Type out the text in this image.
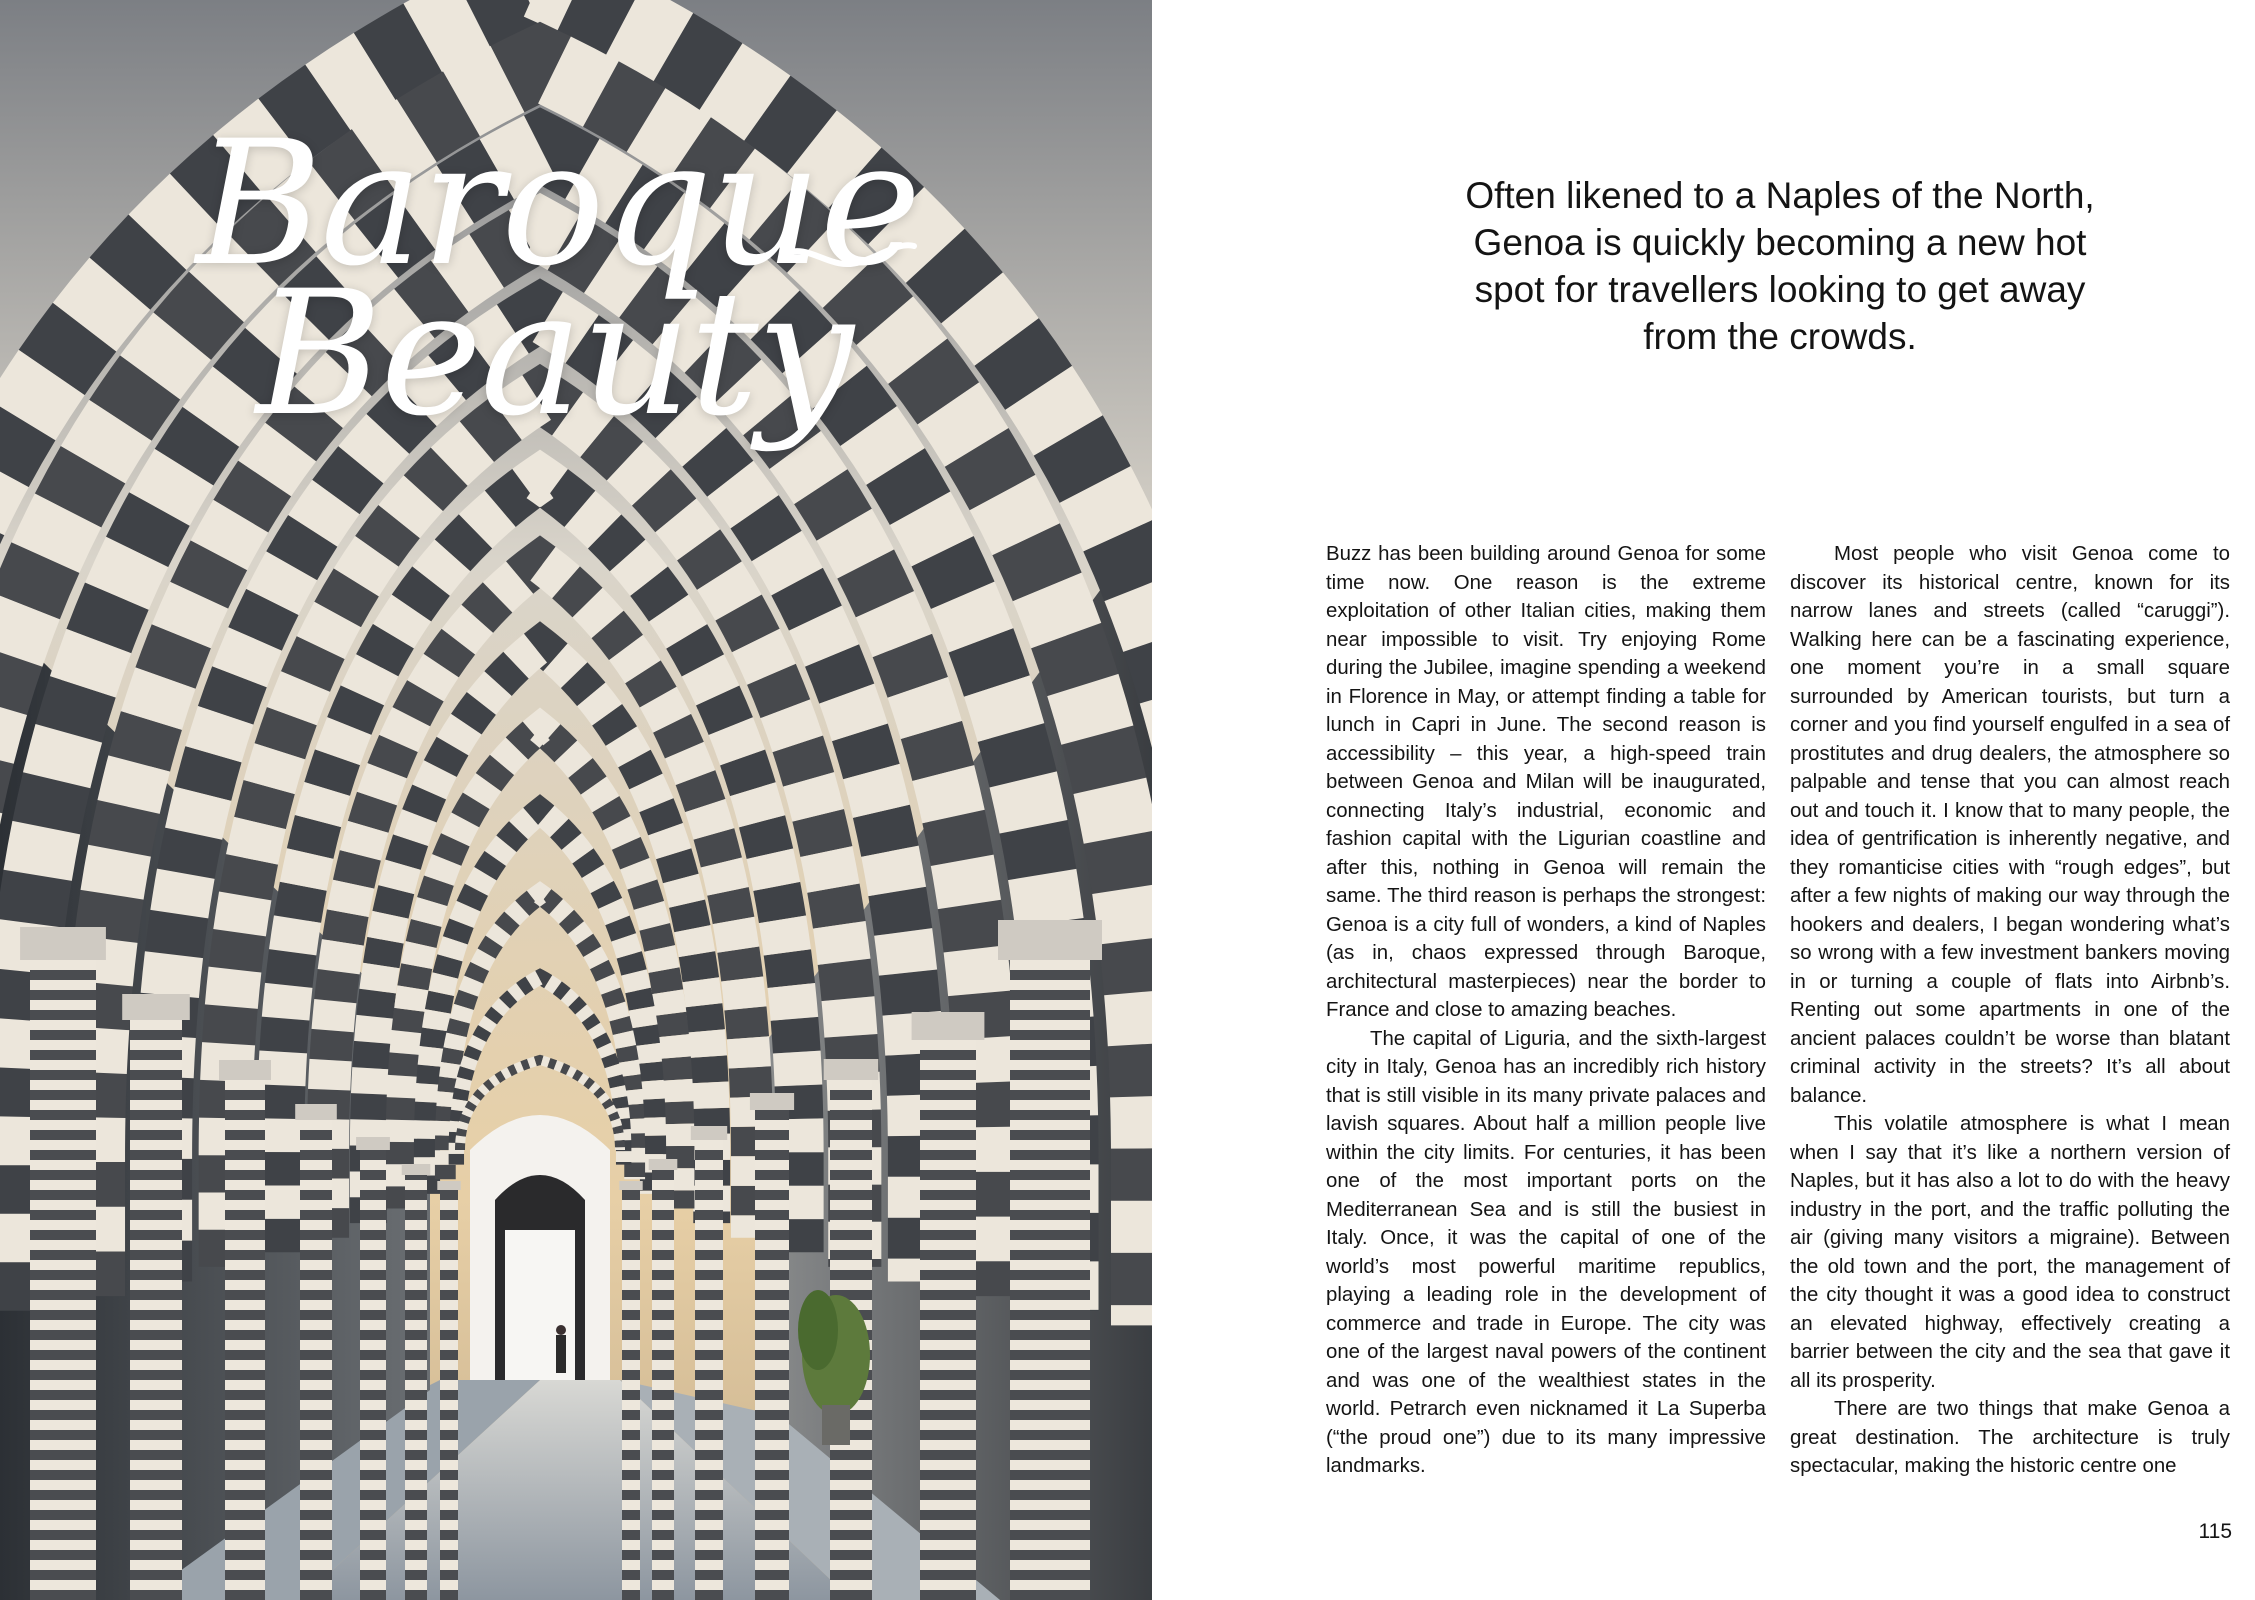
Baroque
Beauty
Often likened to a Naples of the North, Genoa is quickly becoming a new hot spot for travellers looking to get away from the crowds.

Buzz has been building around Genoa for some time now. One reason is the extreme exploitation of other Italian cities, making them near impossible to visit. Try enjoying Rome during the Jubilee, imagine spending a weekend in Florence in May, or attempt finding a table for lunch in Capri in June. The second reason is accessibility – this year, a high-speed train between Genoa and Milan will be inaugurated, connecting Italy’s industrial, economic and fashion capital with the Ligurian coastline and after this, nothing in Genoa will remain the same. The third reason is perhaps the strongest: Genoa is a city full of wonders, a kind of Naples (as in, chaos expressed through Baroque, architectural masterpieces) near the border to France and close to amazing beaches.

The capital of Liguria, and the sixth-largest city in Italy, Genoa has an incredibly rich history that is still visible in its many private palaces and lavish squares. About half a million people live within the city limits. For centuries, it has been one of the most important ports on the Mediterranean Sea and is still the busiest in Italy. Once, it was the capital of one of the world’s most powerful maritime republics, playing a leading role in the development of commerce and trade in Europe. The city was one of the largest naval powers of the continent and was one of the wealthiest states in the world. Petrarch even nicknamed it La Superba (“the proud one”) due to its many impressive landmarks.

Most people who visit Genoa come to discover its historical centre, known for its narrow lanes and streets (called “caruggi”). Walking here can be a fascinating experience, one moment you’re in a small square surrounded by American tourists, but turn a corner and you find yourself engulfed in a sea of prostitutes and drug dealers, the atmosphere so palpable and tense that you can almost reach out and touch it. I know that to many people, the idea of gentrification is inherently negative, and they romanticise cities with “rough edges”, but after a few nights of making our way through the hookers and dealers, I began wondering what’s so wrong with a few investment bankers moving in or turning a couple of flats into Airbnb’s. Renting out some apartments in one of the ancient palaces couldn’t be worse than blatant criminal activity in the streets? It’s all about balance.

This volatile atmosphere is what I mean when I say that it’s like a northern version of Naples, but it has also a lot to do with the heavy industry in the port, and the traffic polluting the air (giving many visitors a migraine). Between the old town and the port, the management of the city thought it was a good idea to construct an elevated highway, effectively creating a barrier between the city and the sea that gave it all its prosperity.

There are two things that make Genoa a great destination. The architecture is truly spectacular, making the historic centre one

115
